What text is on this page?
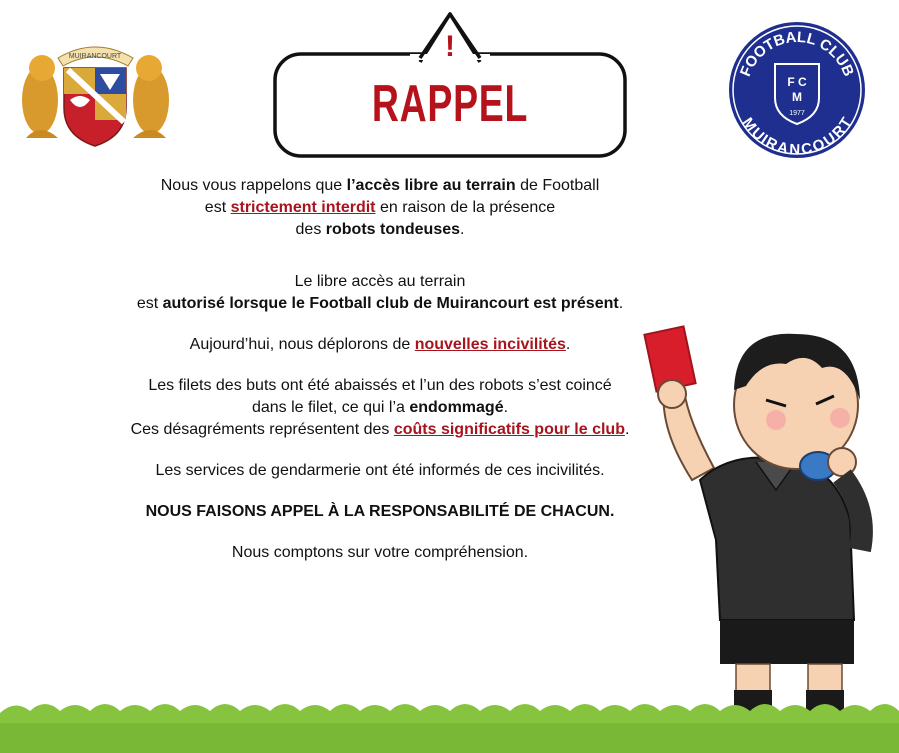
MUIRANCOURT	!
RAPPEL
FOOTBALL CLUB
MUIRANCOURT
F C
M
1977

Nous vous rappelons que l’accès libre au terrain de Football
est strictement interdit en raison de la présence
des robots tondeuses.

Le libre accès au terrain
est autorisé lorsque le Football club de Muirancourt est présent.

Aujourd’hui, nous déplorons de nouvelles incivilités.

Les filets des buts ont été abaissés et l’un des robots s’est coincé
dans le filet, ce qui l’a endommagé.
Ces désagréments représentent des coûts significatifs pour le club.

Les services de gendarmerie ont été informés de ces incivilités.

NOUS FAISONS APPEL À LA RESPONSABILITÉ DE CHACUN.

Nous comptons sur votre compréhension.
